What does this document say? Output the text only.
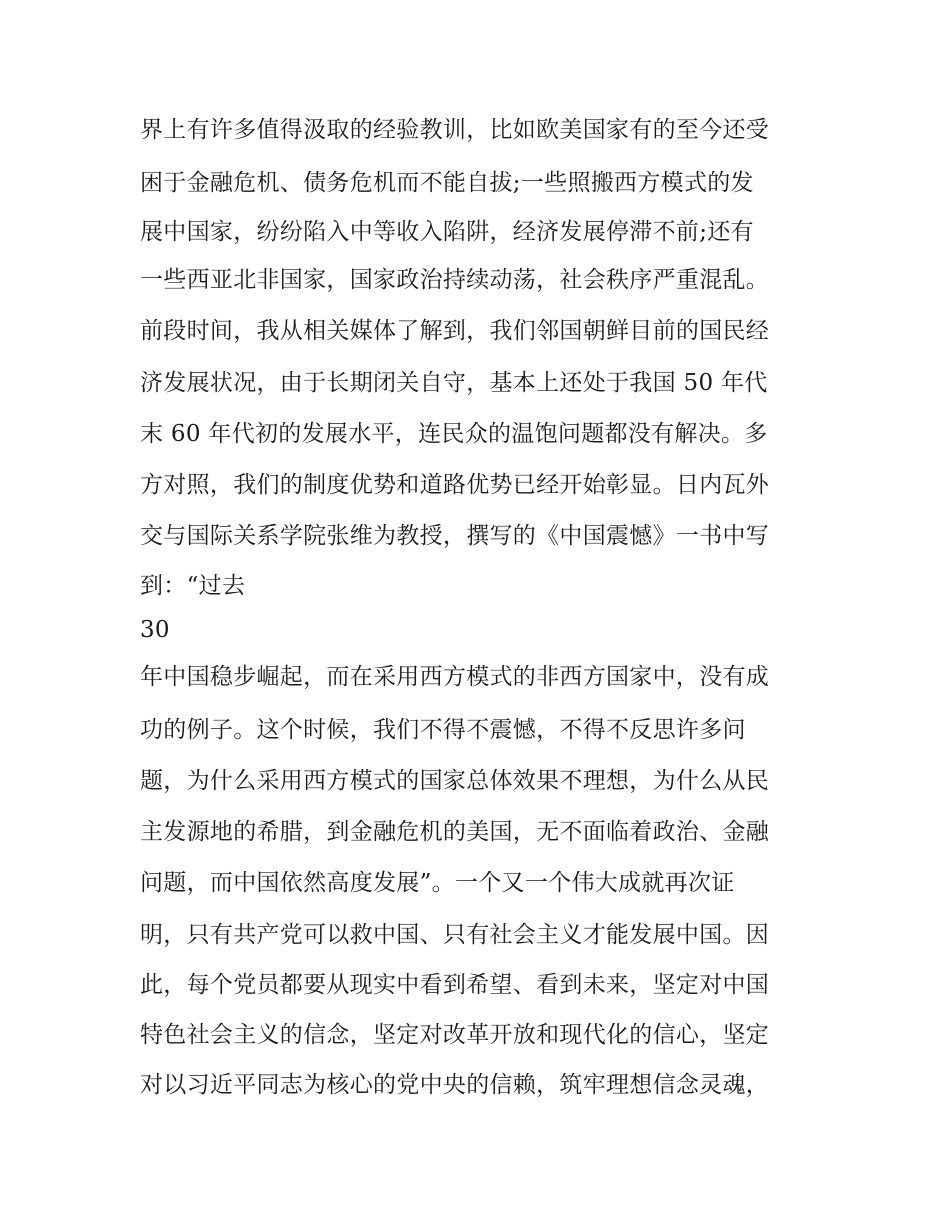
界上有许多值得汲取的经验教训，比如欧美国家有的至今还受
困于金融危机、债务危机而不能自拔;一些照搬西方模式的发
展中国家，纷纷陷入中等收入陷阱，经济发展停滞不前;还有
一些西亚北非国家，国家政治持续动荡，社会秩序严重混乱。
前段时间，我从相关媒体了解到，我们邻国朝鲜目前的国民经
济发展状况，由于长期闭关自守，基本上还处于我国 50 年代
末 60 年代初的发展水平，连民众的温饱问题都没有解决。多
方对照，我们的制度优势和道路优势已经开始彰显。日内瓦外
交与国际关系学院张维为教授，撰写的《中国震憾》一书中写
到：“过去
30
年中国稳步崛起，而在采用西方模式的非西方国家中，没有成
功的例子。这个时候，我们不得不震憾，不得不反思许多问
题，为什么采用西方模式的国家总体效果不理想，为什么从民
主发源地的希腊，到金融危机的美国，无不面临着政治、金融
问题，而中国依然高度发展”。一个又一个伟大成就再次证
明，只有共产党可以救中国、只有社会主义才能发展中国。因
此，每个党员都要从现实中看到希望、看到未来，坚定对中国
特色社会主义的信念，坚定对改革开放和现代化的信心，坚定
对以习近平同志为核心的党中央的信赖，筑牢理想信念灵魂，
